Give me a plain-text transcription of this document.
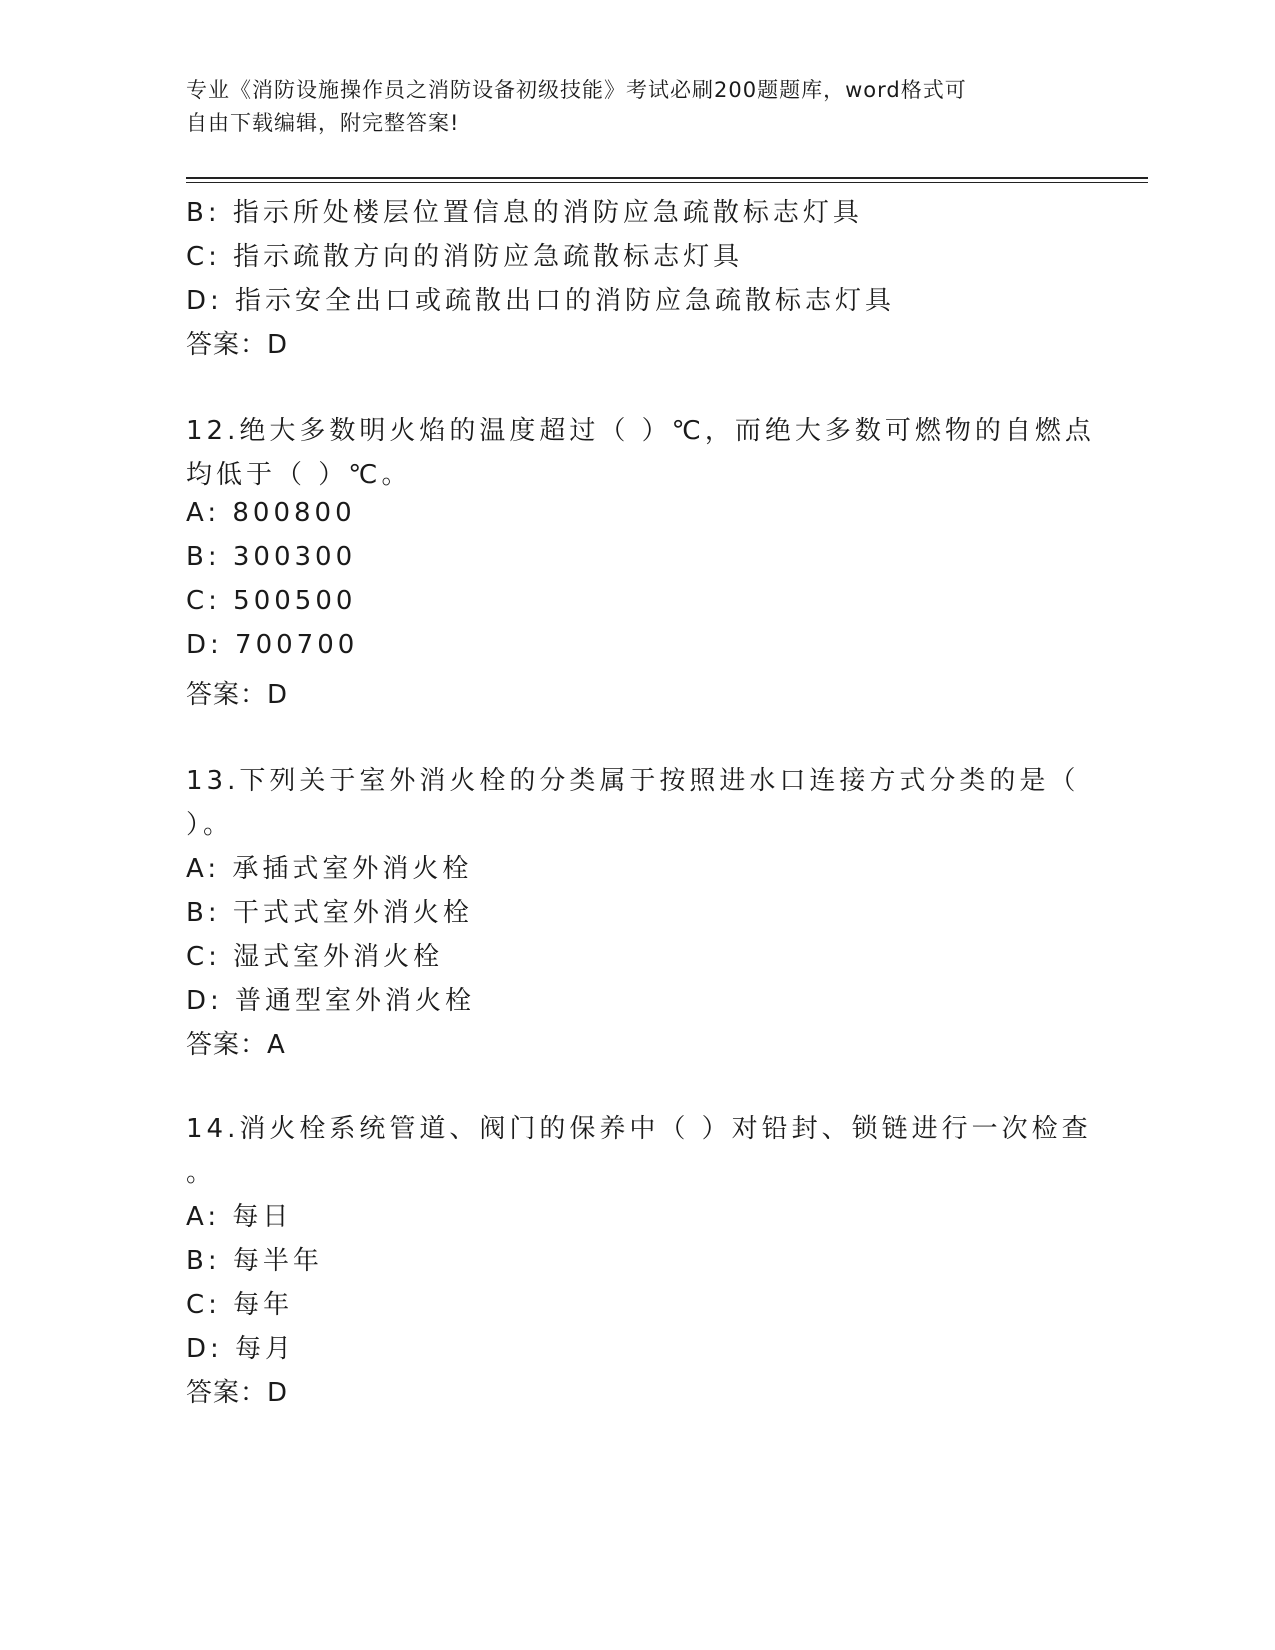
专业《消防设施操作员之消防设备初级技能》考试必刷200题题库，word格式可
自由下载编辑，附完整答案!
B: 指示所处楼层位置信息的消防应急疏散标志灯具
C: 指示疏散方向的消防应急疏散标志灯具
D: 指示安全出口或疏散出口的消防应急疏散标志灯具
答案：D
12.绝大多数明火焰的温度超过（ ）℃，而绝大多数可燃物的自燃点
均低于（ ）℃。
A: 800800
B: 300300
C: 500500
D: 700700
答案：D
13.下列关于室外消火栓的分类属于按照进水口连接方式分类的是（
）。
A: 承插式室外消火栓
B: 干式式室外消火栓
C: 湿式室外消火栓
D: 普通型室外消火栓
答案：A
14.消火栓系统管道、阀门的保养中（ ）对铅封、锁链进行一次检查
。
A: 每日
B: 每半年
C: 每年
D: 每月
答案：D
